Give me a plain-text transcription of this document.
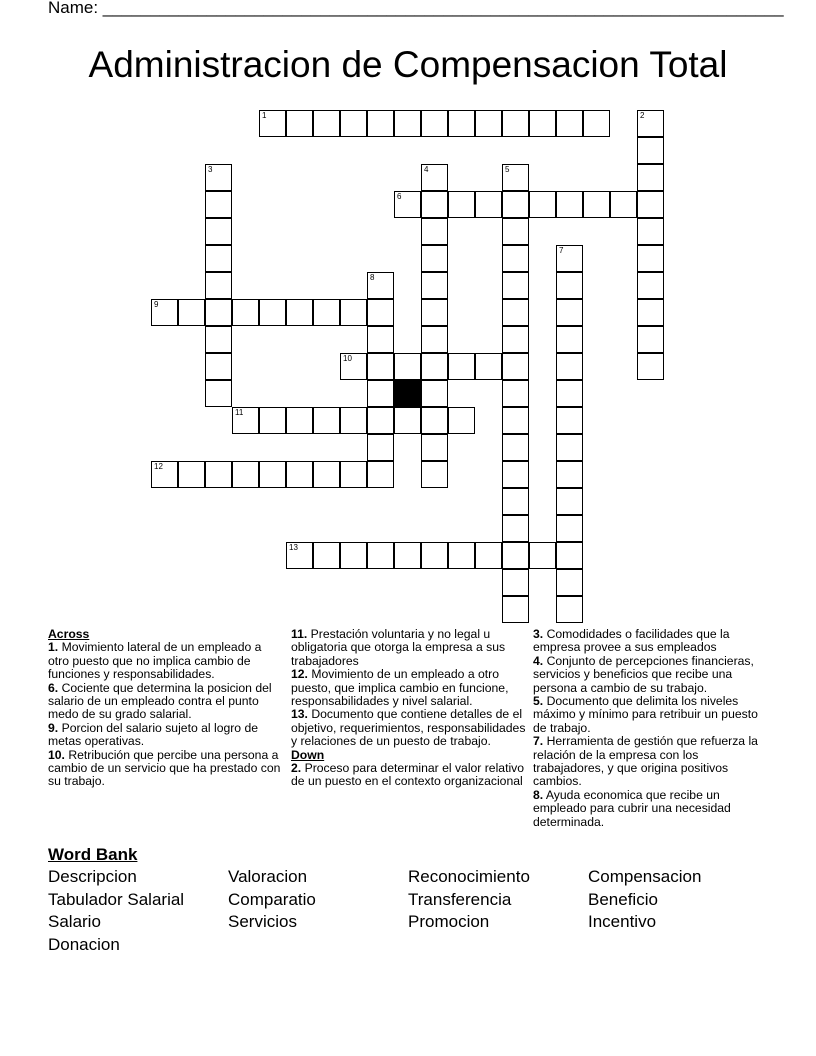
Name: ________________________________________________________________________
Administracion de Compensacion Total
1	2
3	4	5
6
7
8
9
10
11
12
13
Across
1. Movimiento lateral de un empleado a otro puesto que no implica cambio de funciones y responsabilidades.
6. Cociente que determina la posicion del salario de un empleado contra el punto medo de su grado salarial.
9. Porcion del salario sujeto al logro de metas operativas.
10. Retribución que percibe una persona a cambio de un servicio que ha prestado con su trabajo.
11. Prestación voluntaria y no legal u obligatoria que otorga la empresa a sus trabajadores
12. Movimiento de un empleado a otro puesto, que implica cambio en funcione, responsabilidades y nivel salarial.
13. Documento que contiene detalles de el objetivo, requerimientos, responsabilidades y relaciones de un puesto de trabajo.
Down
2. Proceso para determinar el valor relativo de un puesto en el contexto organizacional
3. Comodidades o facilidades que la empresa provee a sus empleados
4. Conjunto de percepciones financieras, servicios y beneficios que recibe una persona a cambio de su trabajo.
5. Documento que delimita los niveles máximo y mínimo para retribuir un puesto de trabajo.
7. Herramienta de gestión que refuerza la relación de la empresa con los trabajadores, y que origina positivos cambios.
8. Ayuda economica que recibe un empleado para cubrir una necesidad determinada.
Word Bank
Descripcion	Valoracion	Reconocimiento	Compensacion
Tabulador Salarial	Comparatio	Transferencia	Beneficio
Salario	Servicios	Promocion	Incentivo
Donacion
